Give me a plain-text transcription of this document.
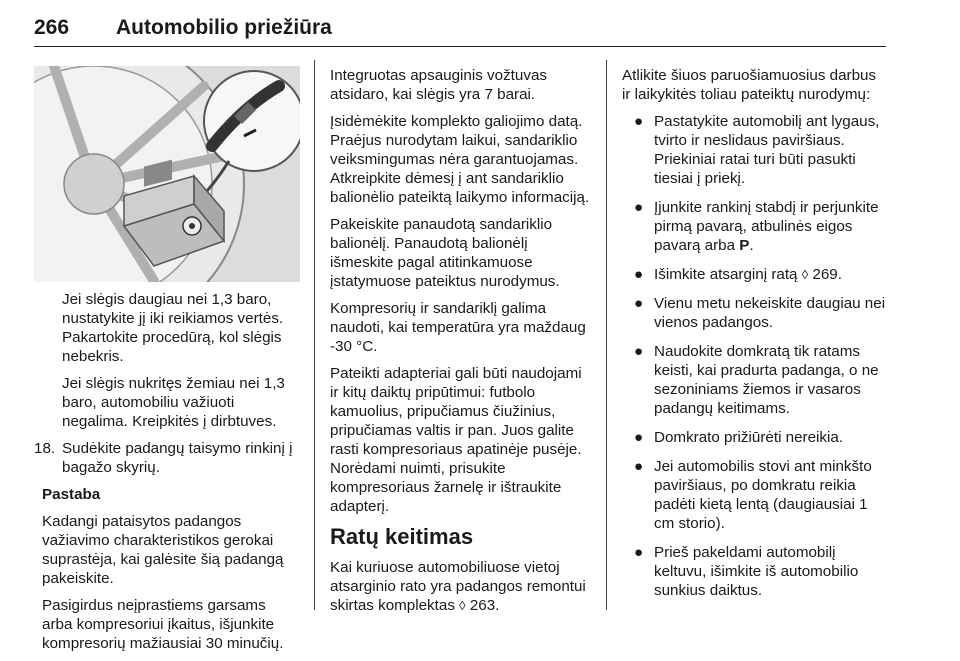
266 Automobilio priežiūra

Jei slėgis daugiau nei 1,3 baro, nustatykite jį iki reikiamos vertės. Pakartokite procedūrą, kol slėgis nebekris.

Jei slėgis nukritęs žemiau nei 1,3 baro, automobiliu važiuoti negalima. Kreipkitės į dirbtuves.

18. Sudėkite padangų taisymo rinkinį į bagažo skyrių.

Pastaba

Kadangi pataisytos padangos važiavimo charakteristikos gerokai suprastėja, kai galėsite šią padangą pakeiskite.

Pasigirdus neįprastiems garsams arba kompresoriui įkaitus, išjunkite kompresorių mažiausiai 30 minučių.

Integruotas apsauginis vožtuvas atsidaro, kai slėgis yra 7 barai.

Įsidėmėkite komplekto galiojimo datą. Praėjus nurodytam laikui, sandariklio veiksmingumas nėra garantuojamas. Atkreipkite dėmesį į ant sandariklio balionėlio pateiktą laikymo informaciją.

Pakeiskite panaudotą sandariklio balionėlį. Panaudotą balionėlį išmeskite pagal atitinkamuose įstatymuose pateiktus nurodymus.

Kompresorių ir sandariklį galima naudoti, kai temperatūra yra maždaug -30 °C.

Pateikti adapteriai gali būti naudojami ir kitų daiktų pripūtimui: futbolo kamuolius, pripučiamus čiužinius, pripučiamas valtis ir pan. Juos galite rasti kompresoriaus apatinėje pusėje. Norėdami nuimti, prisukite kompresoriaus žarnelę ir ištraukite adapterį.

Ratų keitimas

Kai kuriuose automobiliuose vietoj atsarginio rato yra padangos remontui skirtas komplektas ◊ 263.

Atlikite šiuos paruošiamuosius darbus ir laikykitės toliau pateiktų nurodymų:

● Pastatykite automobilį ant lygaus, tvirto ir neslidaus paviršiaus. Priekiniai ratai turi būti pasukti tiesiai į priekį.
● Įjunkite rankinį stabdį ir perjunkite pirmą pavarą, atbulinės eigos pavarą arba P.
● Išimkite atsarginį ratą ◊ 269.
● Vienu metu nekeiskite daugiau nei vienos padangos.
● Naudokite domkratą tik ratams keisti, kai pradurta padanga, o ne sezoniniams žiemos ir vasaros padangų keitimams.
● Domkrato prižiūrėti nereikia.
● Jei automobilis stovi ant minkšto paviršiaus, po domkratu reikia padėti kietą lentą (daugiausiai 1 cm storio).
● Prieš pakeldami automobilį keltuvu, išimkite iš automobilio sunkius daiktus.
